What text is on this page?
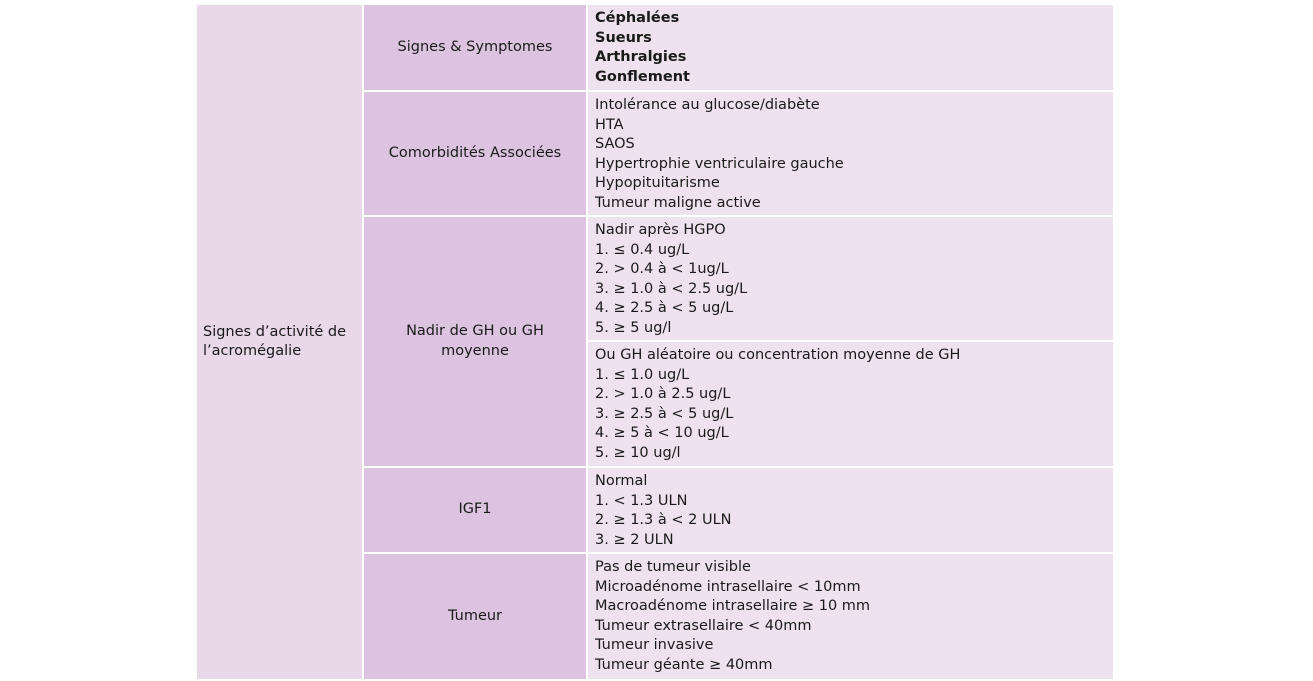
Signes d’activité de l’acromégalie
Signes & Symptomes
Céphalées
Sueurs
Arthralgies
Gonflement
Comorbidités Associées
Intolérance au glucose/diabète
HTA
SAOS
Hypertrophie ventriculaire gauche
Hypopituitarisme
Tumeur maligne active
Nadir de GH ou GH moyenne
Nadir après HGPO
1. ≤ 0.4 ug/L
2. > 0.4 à < 1ug/L
3. ≥ 1.0 à < 2.5 ug/L
4. ≥ 2.5 à < 5 ug/L
5. ≥ 5 ug/l
Ou GH aléatoire ou concentration moyenne de GH
1. ≤ 1.0 ug/L
2. > 1.0 à 2.5 ug/L
3. ≥ 2.5 à < 5 ug/L
4. ≥ 5 à < 10 ug/L
5. ≥ 10 ug/l
IGF1
Normal
1. < 1.3 ULN
2. ≥ 1.3 à < 2 ULN
3. ≥ 2 ULN
Tumeur
Pas de tumeur visible
Microadénome intrasellaire < 10mm
Macroadénome intrasellaire ≥ 10 mm
Tumeur extrasellaire < 40mm
Tumeur invasive
Tumeur géante ≥ 40mm
